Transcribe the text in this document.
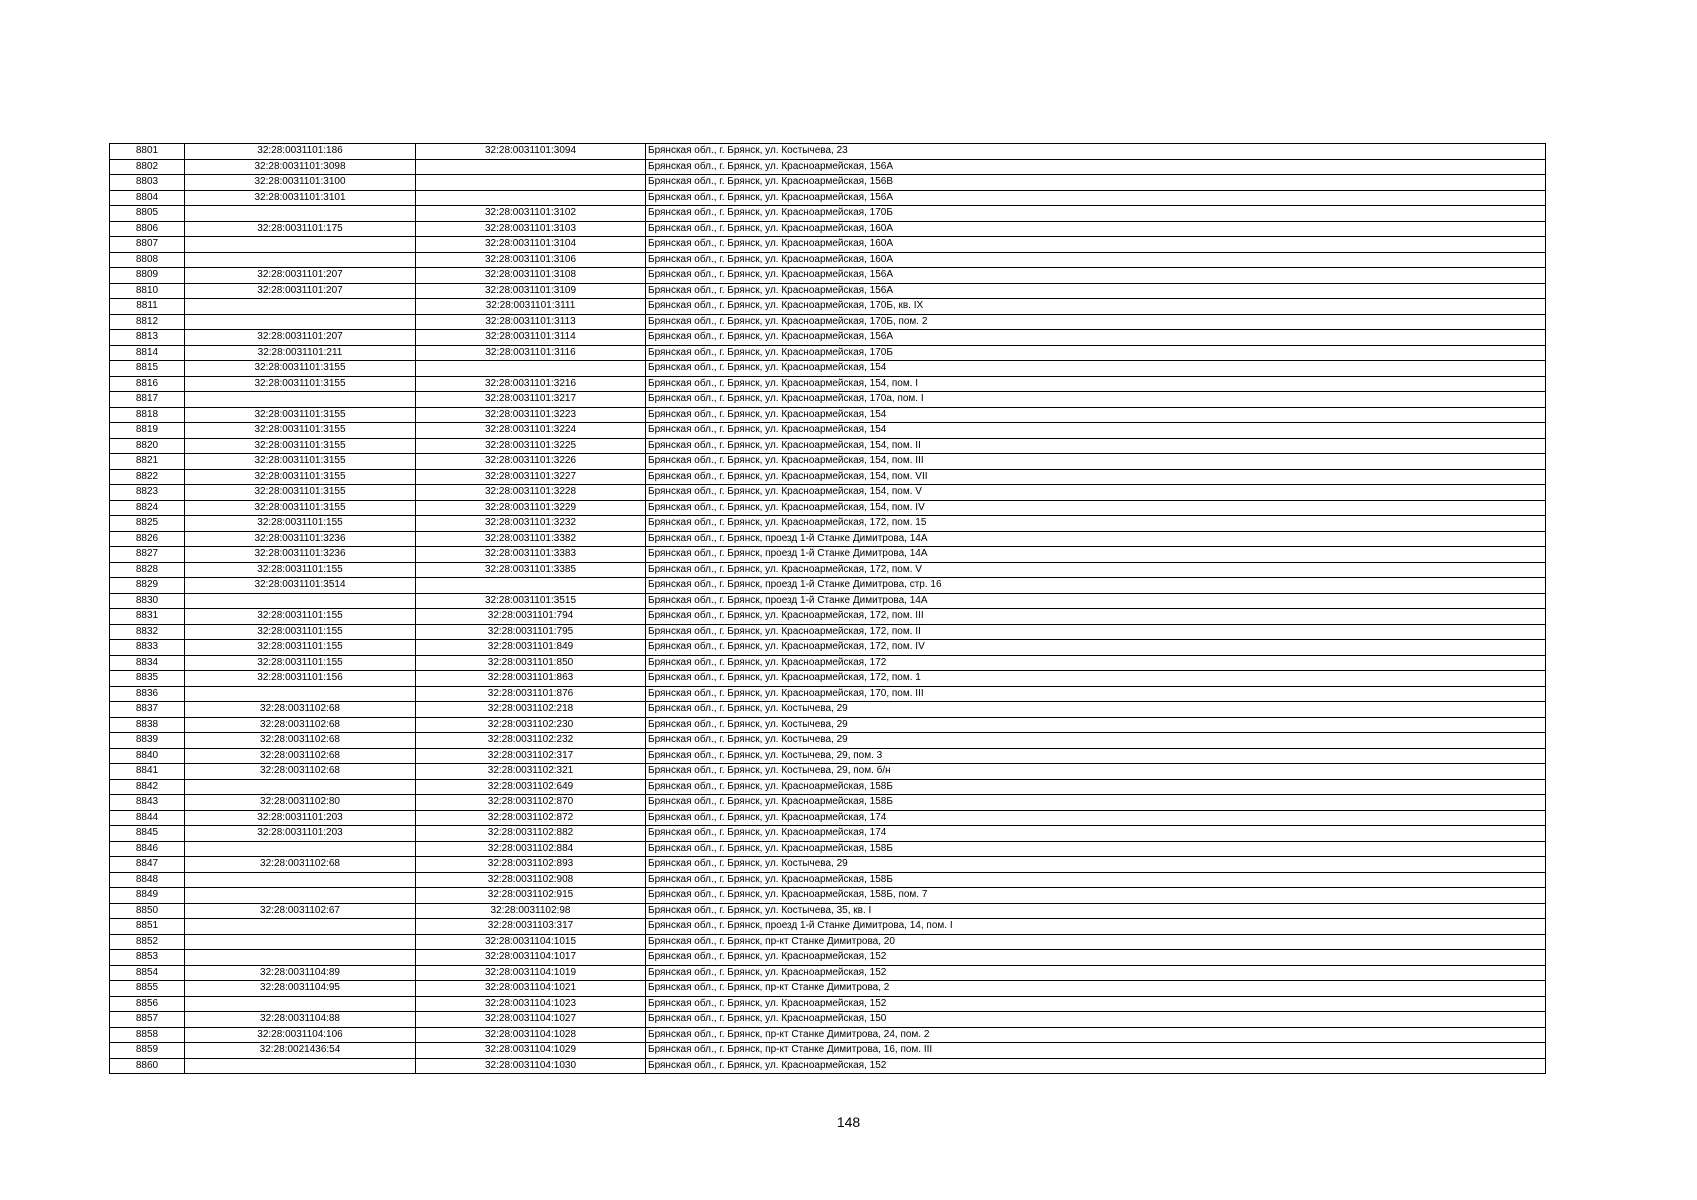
8801	32:28:0031101:186	32:28:0031101:3094	Брянская обл., г. Брянск, ул. Костычева, 23
8802	32:28:0031101:3098		Брянская обл., г. Брянск, ул. Красноармейская, 156А
8803	32:28:0031101:3100		Брянская обл., г. Брянск, ул. Красноармейская, 156В
8804	32:28:0031101:3101		Брянская обл., г. Брянск, ул. Красноармейская, 156А
8805		32:28:0031101:3102	Брянская обл., г. Брянск, ул. Красноармейская, 170Б
8806	32:28:0031101:175	32:28:0031101:3103	Брянская обл., г. Брянск, ул. Красноармейская, 160А
8807		32:28:0031101:3104	Брянская обл., г. Брянск, ул. Красноармейская, 160А
8808		32:28:0031101:3106	Брянская обл., г. Брянск, ул. Красноармейская, 160А
8809	32:28:0031101:207	32:28:0031101:3108	Брянская обл., г. Брянск, ул. Красноармейская, 156А
8810	32:28:0031101:207	32:28:0031101:3109	Брянская обл., г. Брянск, ул. Красноармейская, 156А
8811		32:28:0031101:3111	Брянская обл., г. Брянск, ул. Красноармейская, 170Б, кв. IX
8812		32:28:0031101:3113	Брянская обл., г. Брянск, ул. Красноармейская, 170Б, пом. 2
8813	32:28:0031101:207	32:28:0031101:3114	Брянская обл., г. Брянск, ул. Красноармейская, 156А
8814	32:28:0031101:211	32:28:0031101:3116	Брянская обл., г. Брянск, ул. Красноармейская, 170Б
8815	32:28:0031101:3155		Брянская обл., г. Брянск, ул. Красноармейская, 154
8816	32:28:0031101:3155	32:28:0031101:3216	Брянская обл., г. Брянск, ул. Красноармейская, 154, пом. I
8817		32:28:0031101:3217	Брянская обл., г. Брянск, ул. Красноармейская, 170а, пом. I
8818	32:28:0031101:3155	32:28:0031101:3223	Брянская обл., г. Брянск, ул. Красноармейская, 154
8819	32:28:0031101:3155	32:28:0031101:3224	Брянская обл., г. Брянск, ул. Красноармейская, 154
8820	32:28:0031101:3155	32:28:0031101:3225	Брянская обл., г. Брянск, ул. Красноармейская, 154, пом. II
8821	32:28:0031101:3155	32:28:0031101:3226	Брянская обл., г. Брянск, ул. Красноармейская, 154, пом. III
8822	32:28:0031101:3155	32:28:0031101:3227	Брянская обл., г. Брянск, ул. Красноармейская, 154, пом. VII
8823	32:28:0031101:3155	32:28:0031101:3228	Брянская обл., г. Брянск, ул. Красноармейская, 154, пом. V
8824	32:28:0031101:3155	32:28:0031101:3229	Брянская обл., г. Брянск, ул. Красноармейская, 154, пом. IV
8825	32:28:0031101:155	32:28:0031101:3232	Брянская обл., г. Брянск, ул. Красноармейская, 172, пом. 15
8826	32:28:0031101:3236	32:28:0031101:3382	Брянская обл., г. Брянск, проезд 1-й Станке Димитрова, 14А
8827	32:28:0031101:3236	32:28:0031101:3383	Брянская обл., г. Брянск, проезд 1-й Станке Димитрова, 14А
8828	32:28:0031101:155	32:28:0031101:3385	Брянская обл., г. Брянск, ул. Красноармейская, 172, пом. V
8829	32:28:0031101:3514		Брянская обл., г. Брянск, проезд 1-й Станке Димитрова, стр. 16
8830		32:28:0031101:3515	Брянская обл., г. Брянск, проезд 1-й Станке Димитрова, 14А
8831	32:28:0031101:155	32:28:0031101:794	Брянская обл., г. Брянск, ул. Красноармейская, 172, пом. III
8832	32:28:0031101:155	32:28:0031101:795	Брянская обл., г. Брянск, ул. Красноармейская, 172, пом. II
8833	32:28:0031101:155	32:28:0031101:849	Брянская обл., г. Брянск, ул. Красноармейская, 172, пом. IV
8834	32:28:0031101:155	32:28:0031101:850	Брянская обл., г. Брянск, ул. Красноармейская, 172
8835	32:28:0031101:156	32:28:0031101:863	Брянская обл., г. Брянск, ул. Красноармейская, 172, пом. 1
8836		32:28:0031101:876	Брянская обл., г. Брянск, ул. Красноармейская, 170, пом. III
8837	32:28:0031102:68	32:28:0031102:218	Брянская обл., г. Брянск, ул. Костычева, 29
8838	32:28:0031102:68	32:28:0031102:230	Брянская обл., г. Брянск, ул. Костычева, 29
8839	32:28:0031102:68	32:28:0031102:232	Брянская обл., г. Брянск, ул. Костычева, 29
8840	32:28:0031102:68	32:28:0031102:317	Брянская обл., г. Брянск, ул. Костычева, 29, пом. 3
8841	32:28:0031102:68	32:28:0031102:321	Брянская обл., г. Брянск, ул. Костычева, 29, пом. б/н
8842		32:28:0031102:649	Брянская обл., г. Брянск, ул. Красноармейская, 158Б
8843	32:28:0031102:80	32:28:0031102:870	Брянская обл., г. Брянск, ул. Красноармейская, 158Б
8844	32:28:0031101:203	32:28:0031102:872	Брянская обл., г. Брянск, ул. Красноармейская, 174
8845	32:28:0031101:203	32:28:0031102:882	Брянская обл., г. Брянск, ул. Красноармейская, 174
8846		32:28:0031102:884	Брянская обл., г. Брянск, ул. Красноармейская, 158Б
8847	32:28:0031102:68	32:28:0031102:893	Брянская обл., г. Брянск, ул. Костычева, 29
8848		32:28:0031102:908	Брянская обл., г. Брянск, ул. Красноармейская, 158Б
8849		32:28:0031102:915	Брянская обл., г. Брянск, ул. Красноармейская, 158Б, пом. 7
8850	32:28:0031102:67	32:28:0031102:98	Брянская обл., г. Брянск, ул. Костычева, 35, кв. I
8851		32:28:0031103:317	Брянская обл., г. Брянск, проезд 1-й Станке Димитрова, 14, пом. I
8852		32:28:0031104:1015	Брянская обл., г. Брянск, пр-кт Станке Димитрова, 20
8853		32:28:0031104:1017	Брянская обл., г. Брянск, ул. Красноармейская, 152
8854	32:28:0031104:89	32:28:0031104:1019	Брянская обл., г. Брянск, ул. Красноармейская, 152
8855	32:28:0031104:95	32:28:0031104:1021	Брянская обл., г. Брянск, пр-кт Станке Димитрова, 2
8856		32:28:0031104:1023	Брянская обл., г. Брянск, ул. Красноармейская, 152
8857	32:28:0031104:88	32:28:0031104:1027	Брянская обл., г. Брянск, ул. Красноармейская, 150
8858	32:28:0031104:106	32:28:0031104:1028	Брянская обл., г. Брянск, пр-кт Станке Димитрова, 24, пом. 2
8859	32:28:0021436:54	32:28:0031104:1029	Брянская обл., г. Брянск, пр-кт Станке Димитрова, 16, пом. III
8860		32:28:0031104:1030	Брянская обл., г. Брянск, ул. Красноармейская, 152
148
